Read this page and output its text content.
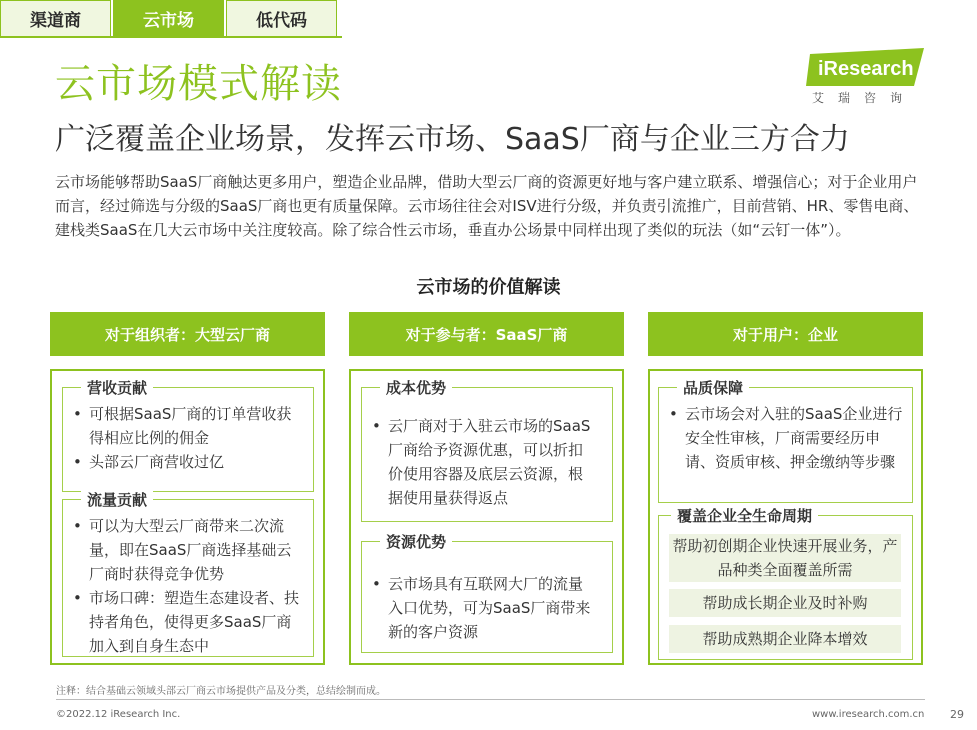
渠道商	云市场	低代码
云市场模式解读
广泛覆盖企业场景，发挥云市场、SaaS厂商与企业三方合力
iResearch
艾瑞咨询

云市场能够帮助SaaS厂商触达更多用户，塑造企业品牌，借助大型云厂商的资源更好地与客户建立联系、增强信心；对于企业用户而言，经过筛选与分级的SaaS厂商也更有质量保障。云市场往往会对ISV进行分级，并负责引流推广，目前营销、HR、零售电商、建栈类SaaS在几大云市场中关注度较高。除了综合性云市场，垂直办公场景中同样出现了类似的玩法（如“云钉一体”）。

云市场的价值解读
对于组织者：大型云厂商
营收贡献
• 可根据SaaS厂商的订单营收获得相应比例的佣金
• 头部云厂商营收过亿
流量贡献
• 可以为大型云厂商带来二次流量，即在SaaS厂商选择基础云厂商时获得竞争优势
• 市场口碑：塑造生态建设者、扶持者角色，使得更多SaaS厂商加入到自身生态中
对于参与者：SaaS厂商
成本优势
• 云厂商对于入驻云市场的SaaS厂商给予资源优惠，可以折扣价使用容器及底层云资源，根据使用量获得返点
资源优势
• 云市场具有互联网大厂的流量入口优势，可为SaaS厂商带来新的客户资源
对于用户：企业
品质保障
• 云市场会对入驻的SaaS企业进行安全性审核，厂商需要经历申请、资质审核、押金缴纳等步骤
覆盖企业全生命周期
帮助初创期企业快速开展业务，产品种类全面覆盖所需
帮助成长期企业及时补购
帮助成熟期企业降本增效
注释：结合基础云领域头部云厂商云市场提供产品及分类，总结绘制而成。
©2022.12 iResearch Inc.	www.iresearch.com.cn 29
